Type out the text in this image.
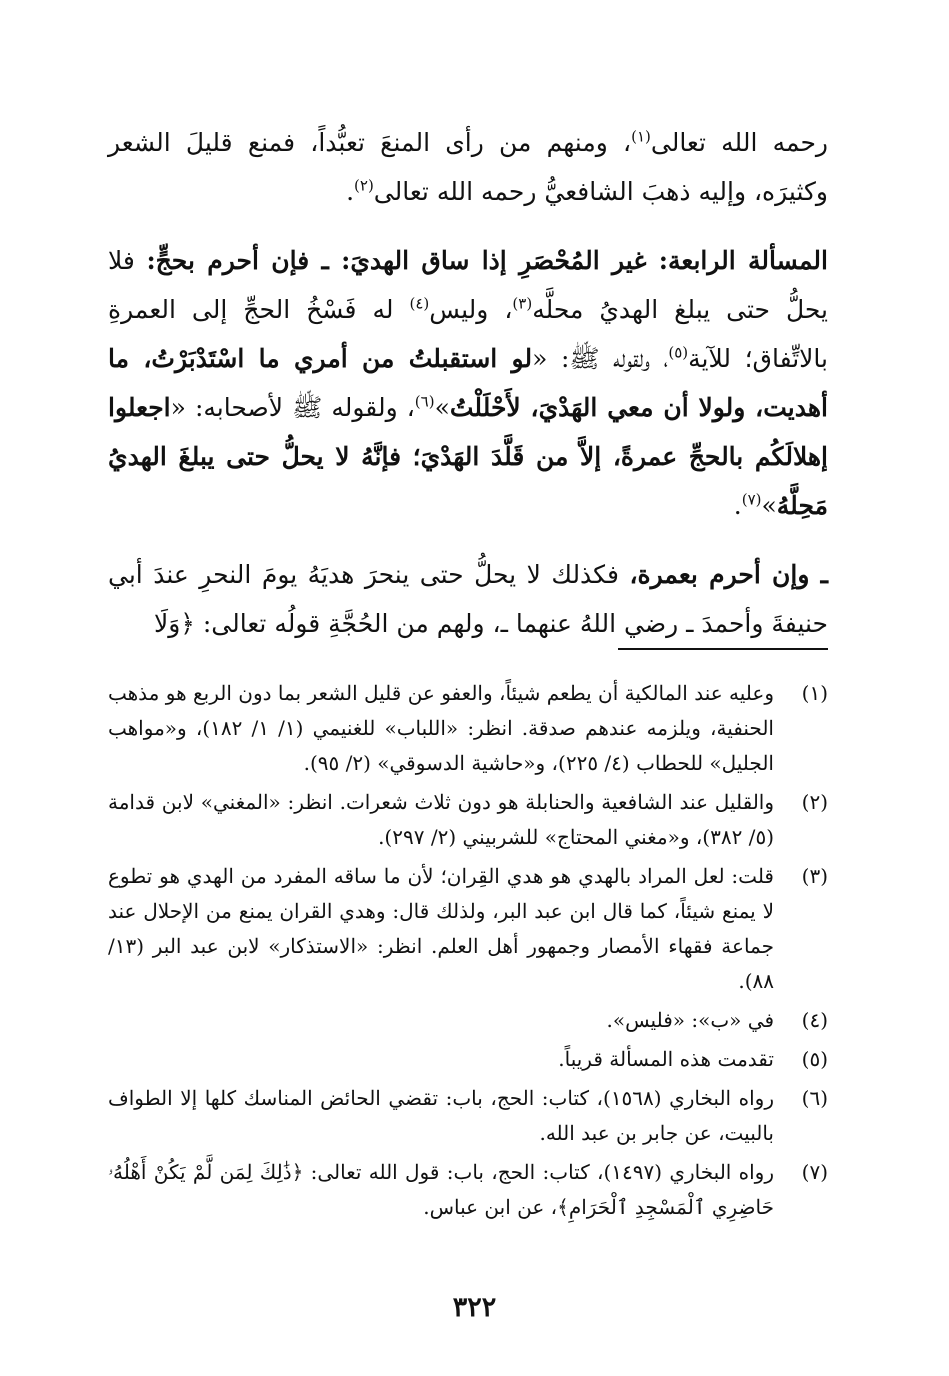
رحمه الله تعالى$^{(١)}$، ومنهم من رأى المنعَ تعبُّداً، فمنع قليلَ الشعر وكثيرَه، وإليه ذهبَ الشافعيُّ رحمه الله تعالى$^{(٢)}$.

المسألة الرابعة: غير المُحْصَرِ إذا ساق الهديَ: ـ فإن أحرم بحجٍّ: فلا يحلُّ حتى يبلغ الهديُ محلَّه$^{(٣)}$، وليس$^{(٤)}$ له فَسْخُ الحجِّ إلى العمرةِ بالاتِّفاق؛ للآية$^{(٥)}$، ولقوله ﷺ: «لو استقبلتُ من أمري ما اسْتَدْبَرْتُ، ما أهديت، ولولا أن معي الهَدْيَ، لأَحْلَلْتُ»$^{(٦)}$، ولقوله ﷺ لأصحابه: «اجعلوا إهلالَكُم بالحجِّ عمرةً، إلاَّ من قَلَّدَ الهَدْيَ؛ فإنَّهُ لا يحلُّ حتى يبلغَ الهديُ مَحِلَّهُ»$^{(٧)}$.

ـ وإن أحرم بعمرة، فكذلك لا يحلُّ حتى ينحرَ هديَهُ يومَ النحرِ عندَ أبي حنيفةَ وأحمدَ ـ رضي اللهُ عنهما ـ، ولهم من الحُجَّةِ قولُه تعالى: ﴿وَلَا

(١)
وعليه عند المالكية أن يطعم شيئاً، والعفو عن قليل الشعر بما دون الربع هو مذهب الحنفية، ويلزمه عندهم صدقة. انظر: «اللباب» للغنيمي (١/ ١/ ١٨٢)، و«مواهب الجليل» للحطاب (٤/ ٢٢٥)، و«حاشية الدسوقي» (٢/ ٩٥).
(٢)
والقليل عند الشافعية والحنابلة هو دون ثلاث شعرات. انظر: «المغني» لابن قدامة (٥/ ٣٨٢)، و«مغني المحتاج» للشربيني (٢/ ٢٩٧).
(٣)
قلت: لعل المراد بالهدي هو هدي القِران؛ لأن ما ساقه المفرد من الهدي هو تطوع لا يمنع شيئاً، كما قال ابن عبد البر، ولذلك قال: وهدي القران يمنع من الإحلال عند جماعة فقهاء الأمصار وجمهور أهل العلم. انظر: «الاستذكار» لابن عبد البر (١٣/ ٨٨).
(٤)
في «ب»: «فليس».
(٥)
تقدمت هذه المسألة قريباً.
(٦)
رواه البخاري (١٥٦٨)، كتاب: الحج، باب: تقضي الحائض المناسك كلها إلا الطواف بالبيت، عن جابر بن عبد الله.
(٧)
رواه البخاري (١٤٩٧)، كتاب: الحج، باب: قول الله تعالى: ﴿ذَٰلِكَ لِمَن لَّمْ يَكُنْ أَهْلُهُۥ حَاضِرِي ٱلْمَسْجِدِ ٱلْحَرَامِ﴾، عن ابن عباس.
٣٢٢
